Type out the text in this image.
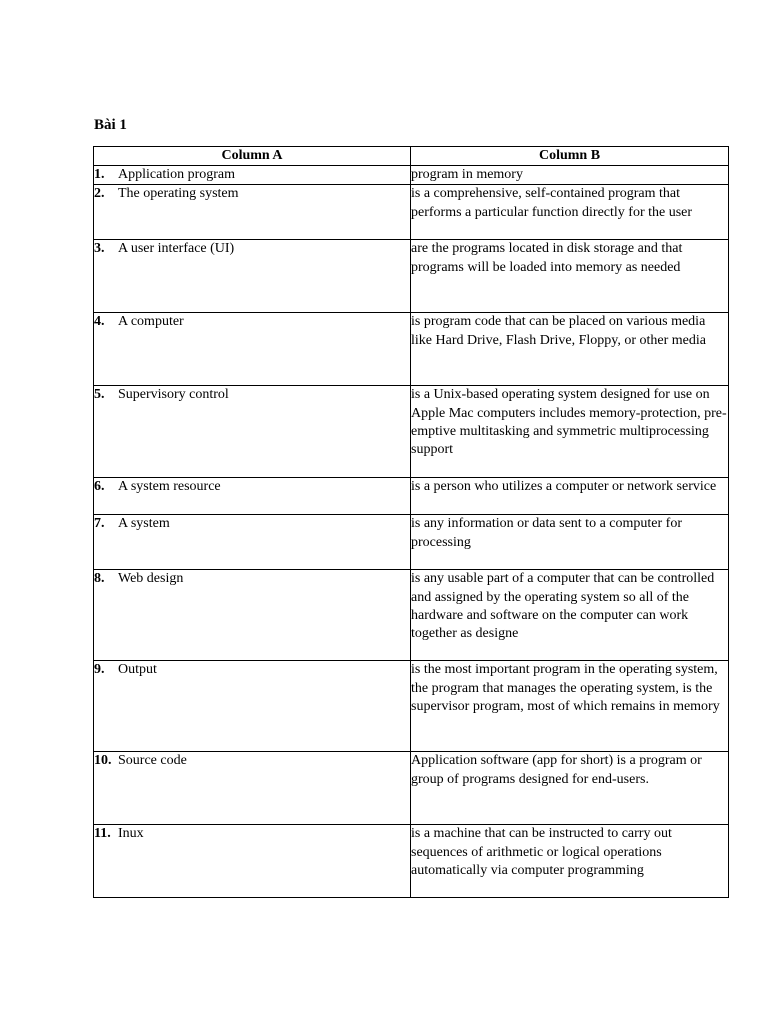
Bài 1
Column A	Column B
1. Application program	program in memory

2. The operating system	is a comprehensive, self-contained program that performs a particular function directly for the user

3. A user interface (UI)	are the programs located in disk storage and that programs will be loaded into memory as needed

4. A computer	is program code that can be placed on various media like Hard Drive, Flash Drive, Floppy, or other media

5. Supervisory control	is a Unix-based operating system designed for use on Apple Mac computers includes memory-protection, pre-emptive multitasking and symmetric multiprocessing support

6. A system resource	is a person who utilizes a computer or network service

7. A system	is any information or data sent to a computer for processing

8. Web design	is any usable part of a computer that can be controlled and assigned by the operating system so all of the hardware and software on the computer can work together as designe

9. Output	is the most important program in the operating system, the program that manages the operating system, is the supervisor program, most of which remains in memory

10. Source code	Application software (app for short) is a program or group of programs designed for end-users.

11. Inux	is a machine that can be instructed to carry out sequences of arithmetic or logical operations automatically via computer programming
